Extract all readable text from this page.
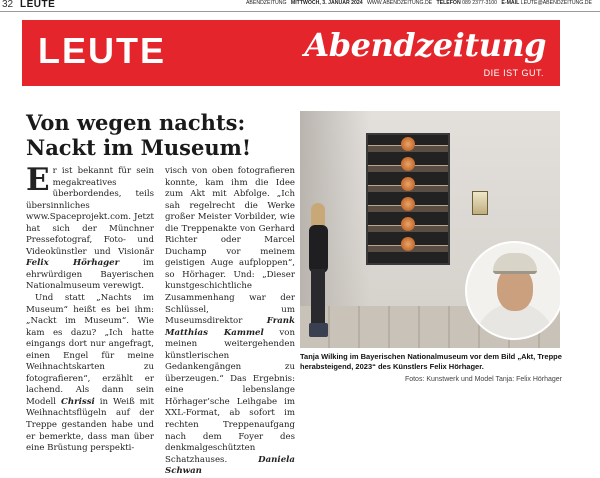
32 LEUTE	ABENDZEITUNG MITTWOCH, 3. JANUAR 2024 WWW.ABENDZEITUNG.DE TELEFON 089 2377-3100 E-MAIL LEUTE@ABENDZEITUNG.DE
LEUTE	Abendzeitung
DIE IST GUT.
Von wegen nachts:
Nackt im Museum!

Er ist bekannt für sein megakreatives überbordendes, teils übersinnliches www.Spaceprojekt.com. Jetzt hat sich der Münchner Pressefotograf, Foto- und Videokünstler und Visionär Felix Hörhager im ehrwürdigen Bayerischen Nationalmuseum verewigt.

Und statt „Nachts im Museum“ heißt es bei ihm: „Nackt im Museum“. Wie kam es dazu? „Ich hatte eingangs dort nur angefragt, einen Engel für meine Weihnachtskarten zu fotografieren“, erzählt er lachend. Als dann sein Modell Chrissi in Weiß mit Weihnachtsflügeln auf der Treppe gestanden habe und er bemerkte, dass man über eine Brüstung perspekti-

visch von oben fotografieren konnte, kam ihm die Idee zum Akt mit Abfolge. „Ich sah regelrecht die Werke großer Meister Vorbilder, wie die Treppenakte von Gerhard Richter oder Marcel Duchamp vor meinem geistigen Auge aufploppen“, so Hörhager. Und: „Dieser kunstgeschichtliche Zusammenhang war der Schlüssel, um Museumsdirektor Frank Matthias Kammel von meinen weitergehenden künstlerischen Gedankengängen zu überzeugen.“ Das Ergebnis: eine lebenslange Hörhager’sche Leihgabe im XXL-Format, ab sofort im rechten Treppenaufgang nach dem Foyer des denkmalgeschützten Schatzhauses. Daniela Schwan

Tanja Wilking im Bayerischen Nationalmuseum vor dem Bild „Akt, Treppe herabsteigend, 2023“ des Künstlers Felix Hörhager.
Fotos: Kunstwerk und Model Tanja: Felix Hörhager
